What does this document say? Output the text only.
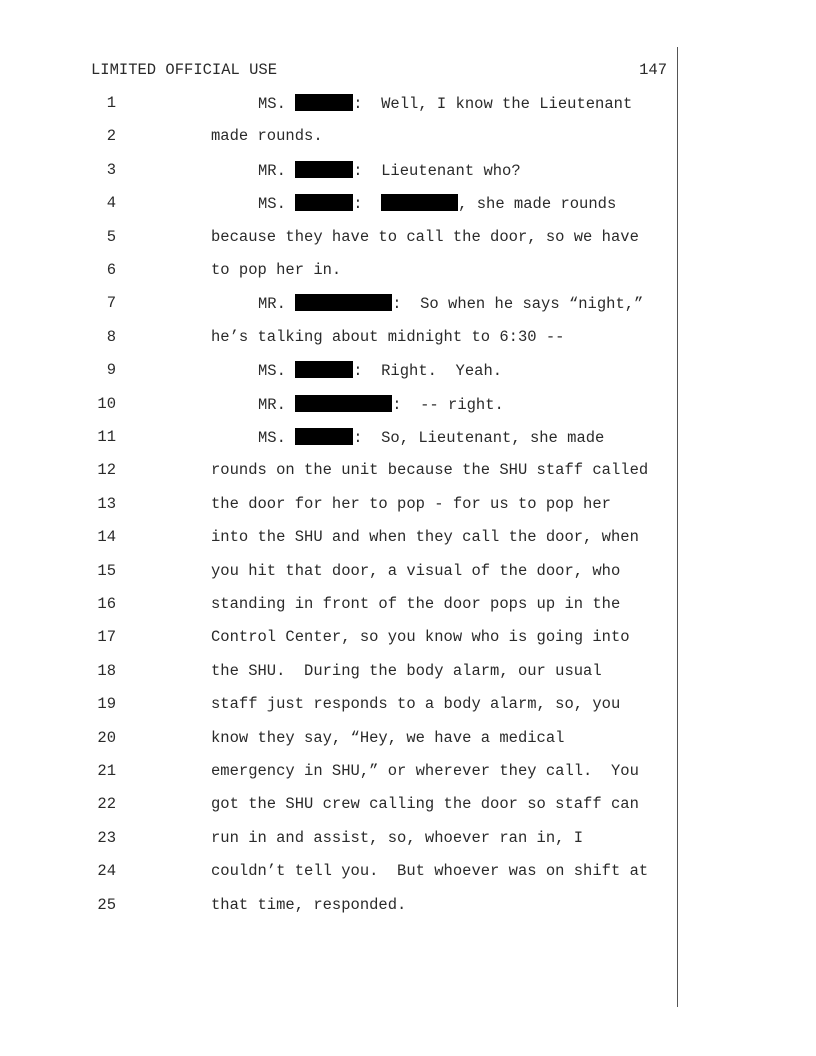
LIMITED OFFICIAL USE	147
1	MS.	:  Well, I know the Lieutenant
2	made rounds.
3	MR.	:  Lieutenant who?
4	MS.	:	, she made rounds
5	because they have to call the door, so we have
6	to pop her in.
7	MR.	:  So when he says “night,”
8	he’s talking about midnight to 6:30 --
9	MS.	:  Right.  Yeah.
10	MR.	:  -- right.
11	MS.	:  So, Lieutenant, she made
12	rounds on the unit because the SHU staff called
13	the door for her to pop - for us to pop her
14	into the SHU and when they call the door, when
15	you hit that door, a visual of the door, who
16	standing in front of the door pops up in the
17	Control Center, so you know who is going into
18	the SHU.  During the body alarm, our usual
19	staff just responds to a body alarm, so, you
20	know they say, “Hey, we have a medical
21	emergency in SHU,” or wherever they call.  You
22	got the SHU crew calling the door so staff can
23	run in and assist, so, whoever ran in, I
24	couldn’t tell you.  But whoever was on shift at
25	that time, responded.
